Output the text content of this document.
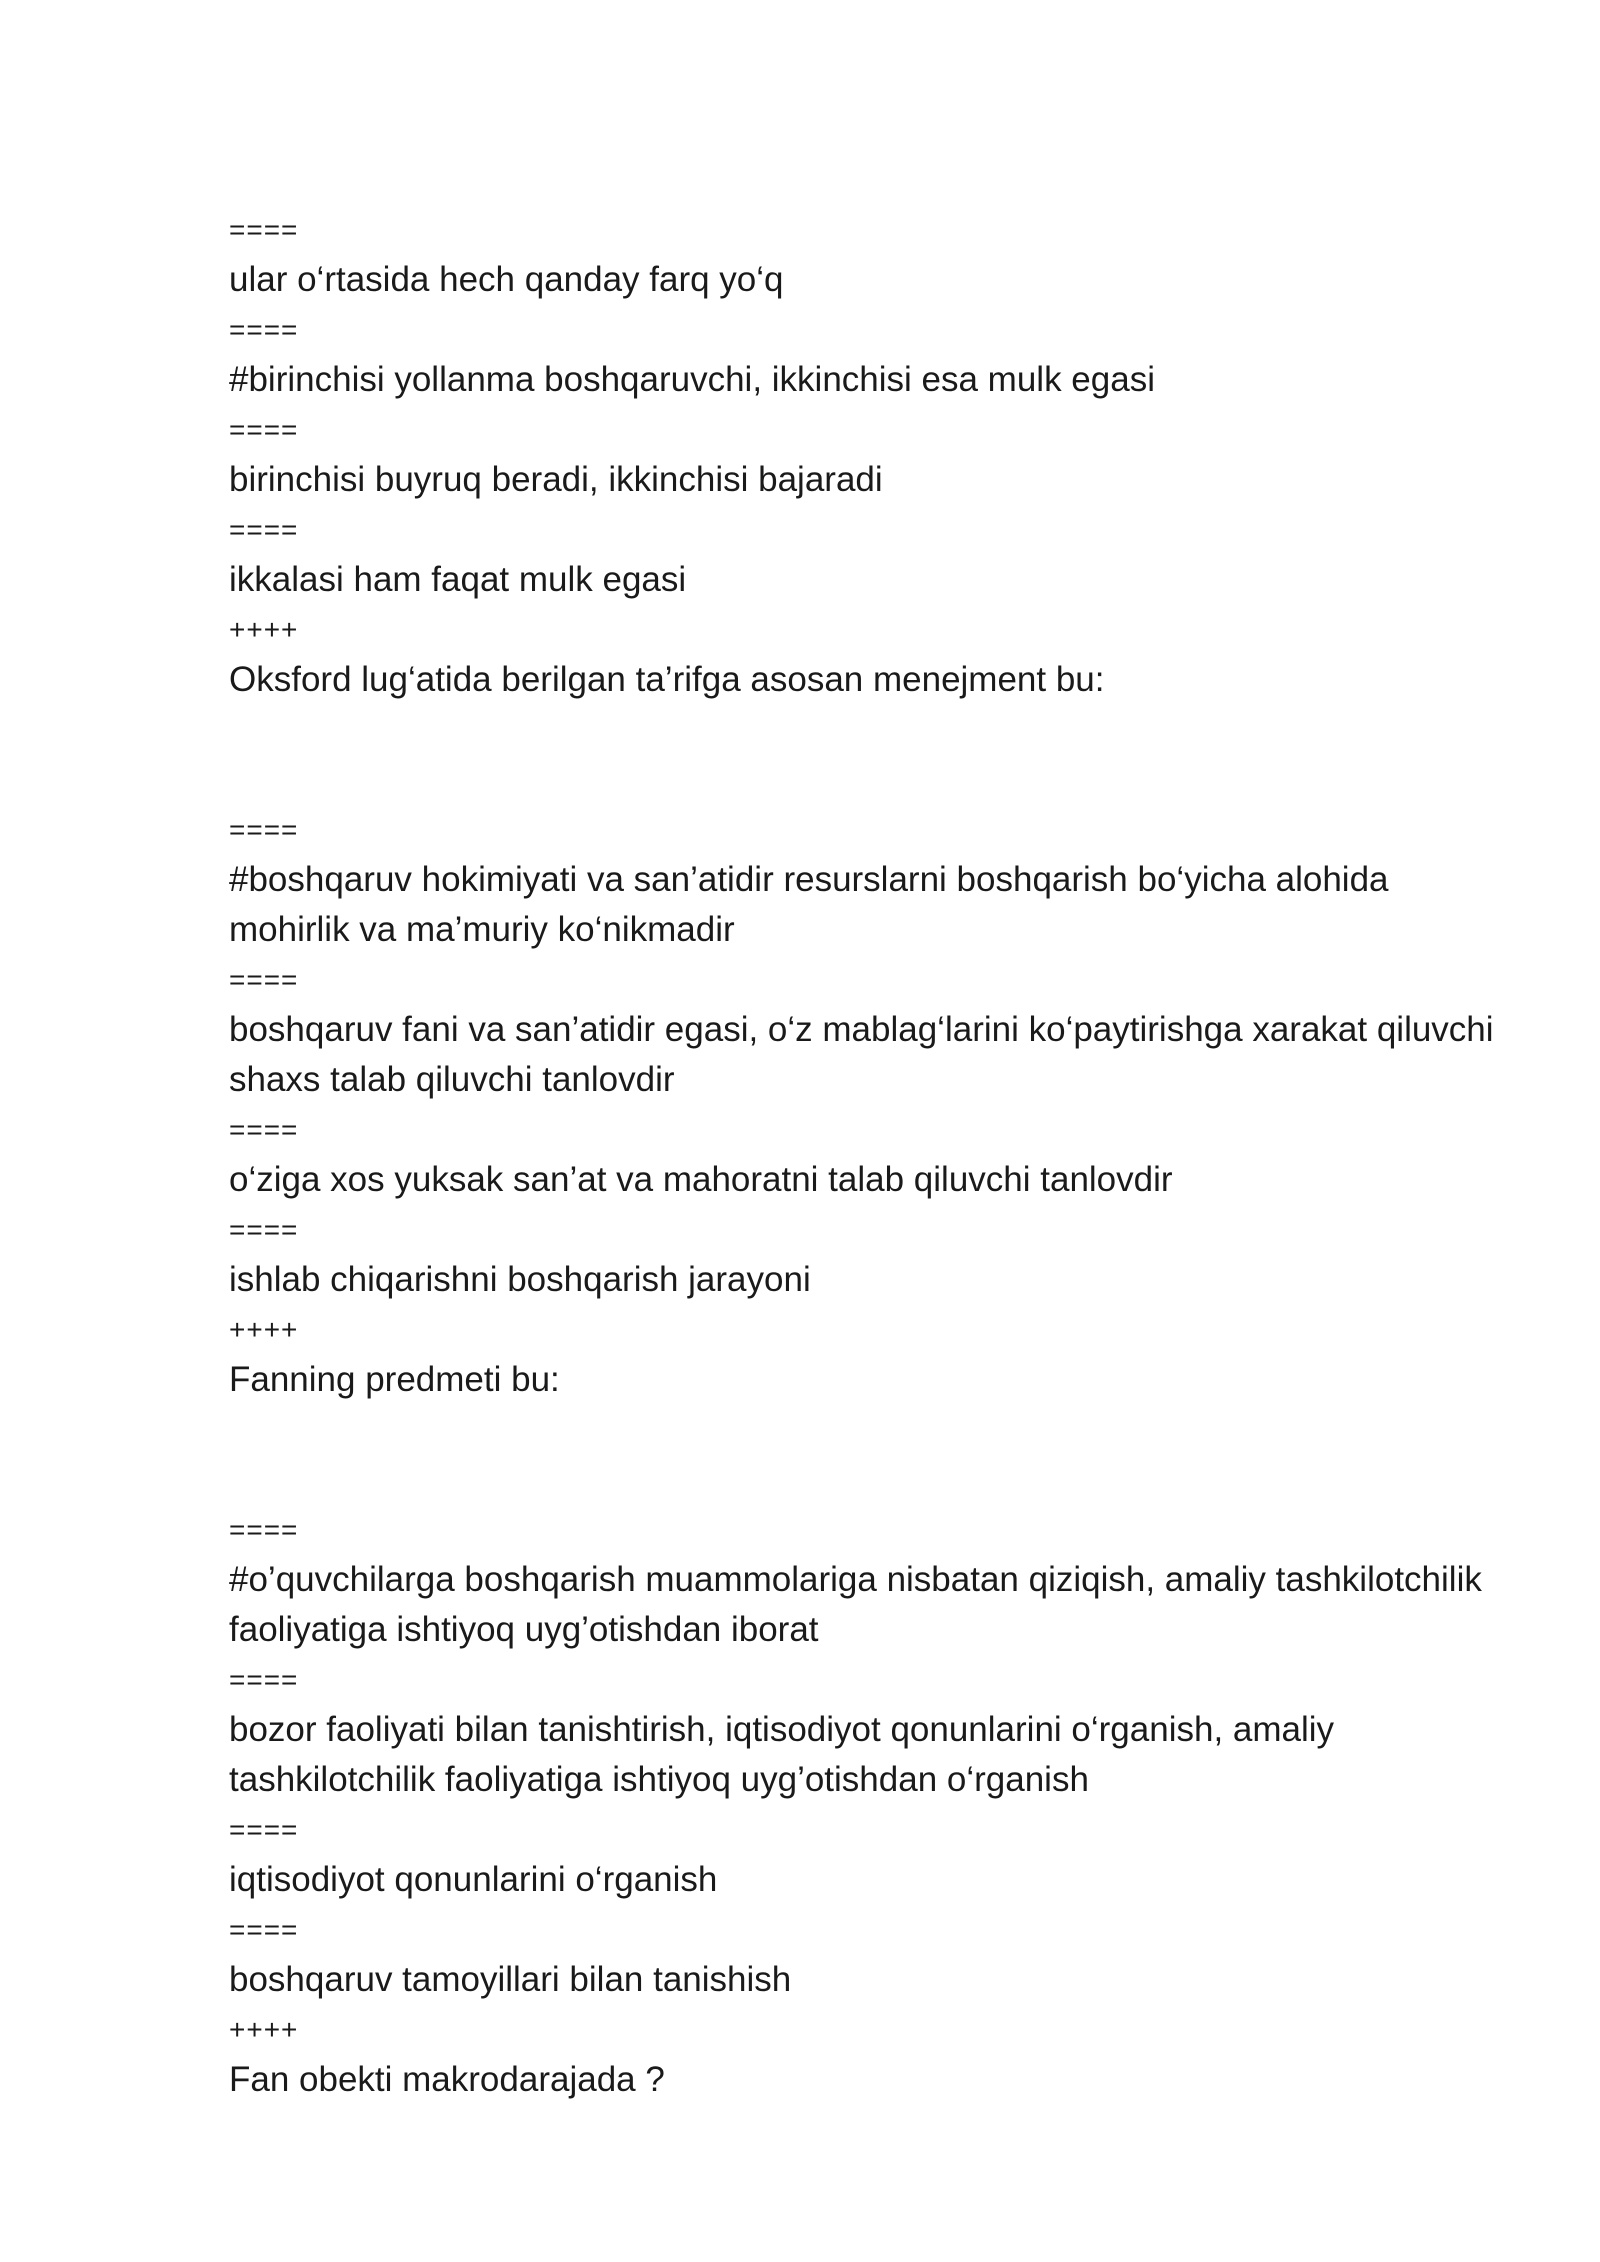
====
ular o‘rtasida hech qanday farq yo‘q
====
#birinchisi yollanma boshqaruvchi, ikkinchisi esa mulk egasi
====
birinchisi buyruq beradi, ikkinchisi bajaradi
====
ikkalasi ham faqat mulk egasi
++++
Oksford lug‘atida berilgan ta’rifga asosan menejment bu:
====
#boshqaruv hokimiyati va san’atidir resurslarni boshqarish bo‘yicha alohida mohirlik va ma’muriy ko‘nikmadir
====
boshqaruv fani va san’atidir egasi, o‘z mablag‘larini ko‘paytirishga xarakat qiluvchi shaxs talab qiluvchi tanlovdir
====
o‘ziga xos yuksak san’at va mahoratni talab qiluvchi tanlovdir
====
ishlab chiqarishni boshqarish jarayoni
++++
Fanning predmeti bu:
====
#o’quvchilarga boshqarish muammolariga nisbatan qiziqish, amaliy tashkilotchilik faoliyatiga ishtiyoq uyg’otishdan iborat
====
bozor faoliyati bilan tanishtirish, iqtisodiyot qonunlarini o‘rganish, amaliy tashkilotchilik faoliyatiga ishtiyoq uyg’otishdan o‘rganish
====
iqtisodiyot qonunlarini o‘rganish
====
boshqaruv tamoyillari bilan tanishish
++++
Fan obekti makrodarajada ?
